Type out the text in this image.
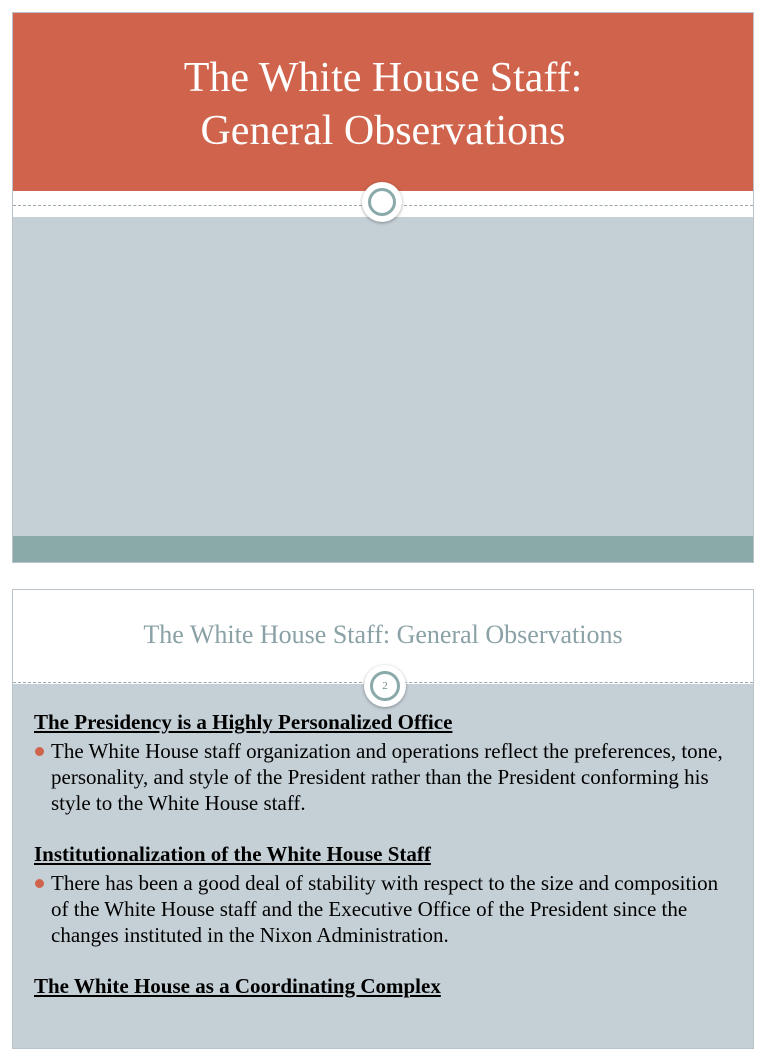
The White House Staff:
General Observations
The White House Staff: General Observations
2
The Presidency is a Highly Personalized Office
The White House staff organization and operations reflect the preferences, tone, personality, and style of the President rather than the President conforming his style to the White House staff.
Institutionalization of the White House Staff
There has been a good deal of stability with respect to the size and composition of the White House staff and the Executive Office of the President since the changes instituted in the Nixon Administration.
The White House as a Coordinating Complex
